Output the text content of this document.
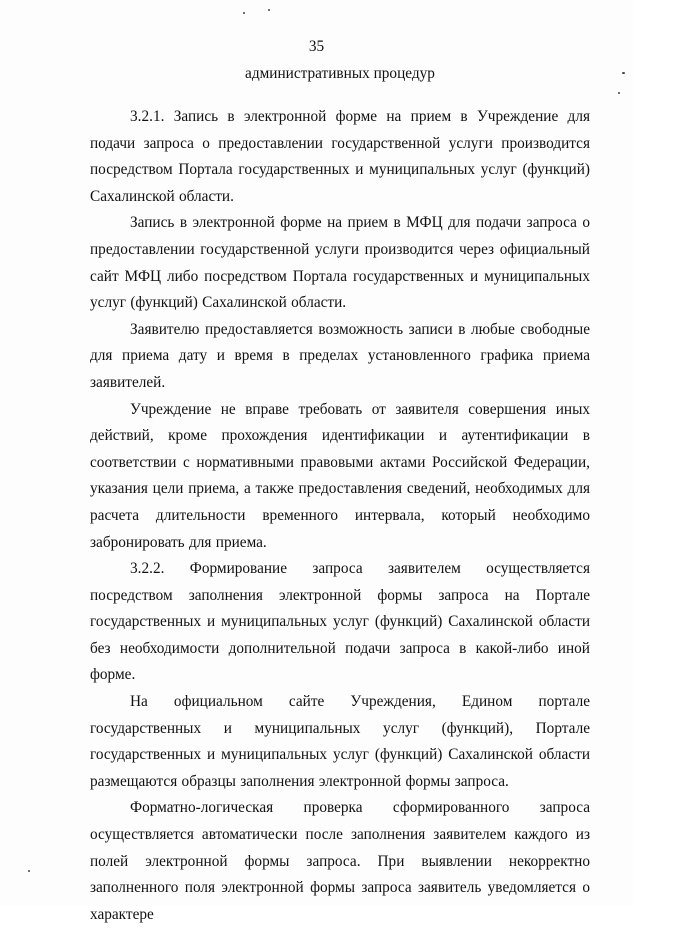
35
административных процедур

3.2.1. Запись в электронной форме на прием в Учреждение для подачи запроса о предоставлении государственной услуги производится посредством Портала государственных и муниципальных услуг (функций) Сахалинской области.

Запись в электронной форме на прием в МФЦ для подачи запроса о предоставлении государственной услуги производится через официальный сайт МФЦ либо посредством Портала государственных и муниципальных услуг (функций) Сахалинской области.

Заявителю предоставляется возможность записи в любые свободные для приема дату и время в пределах установленного графика приема заявителей.

Учреждение не вправе требовать от заявителя совершения иных действий, кроме прохождения идентификации и аутентификации в соответствии с нормативными правовыми актами Российской Федерации, указания цели приема, а также предоставления сведений, необходимых для расчета длительности временного интервала, который необходимо забронировать для приема.

3.2.2. Формирование запроса заявителем осуществляется посредством заполнения электронной формы запроса на Портале государственных и муниципальных услуг (функций) Сахалинской области без необходимости дополнительной подачи запроса в какой-либо иной форме.

На официальном сайте Учреждения, Едином портале государственных и муниципальных услуг (функций), Портале государственных и муниципальных услуг (функций) Сахалинской области размещаются образцы заполнения электронной формы запроса.

Форматно-логическая проверка сформированного запроса осуществляется автоматически после заполнения заявителем каждого из полей электронной формы запроса. При выявлении некорректно заполненного поля электронной формы запроса заявитель уведомляется о характере
